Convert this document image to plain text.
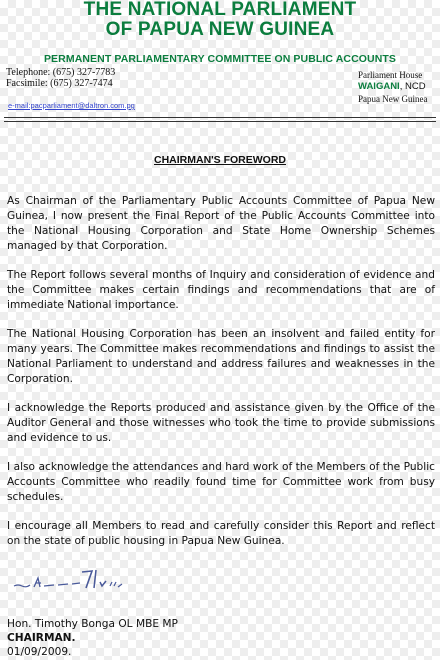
THE NATIONAL PARLIAMENT
OF PAPUA NEW GUINEA
PERMANENT PARLIAMENTARY COMMITTEE ON PUBLIC ACCOUNTS
Telephone: (675) 327-7783
Facsimile: (675) 327-7474
Parliament House
WAIGANI, NCD
Papua New Guinea
e-mail:pacparliament@daltron.com.pg
CHAIRMAN'S FOREWORD

As Chairman of the Parliamentary Public Accounts Committee of Papua New Guinea, I now present the Final Report of the Public Accounts Committee into the National Housing Corporation and State Home Ownership Schemes managed by that Corporation.

The Report follows several months of Inquiry and consideration of evidence and the Committee makes certain findings and recommendations that are of immediate National importance.

The National Housing Corporation has been an insolvent and failed entity for many years. The Committee makes recommendations and findings to assist the National Parliament to understand and address failures and weaknesses in the Corporation.

I acknowledge the Reports produced and assistance given by the Office of the Auditor General and those witnesses who took the time to provide submissions and evidence to us.

I also acknowledge the attendances and hard work of the Members of the Public Accounts Committee who readily found time for Committee work from busy schedules.

I encourage all Members to read and carefully consider this Report and reflect on the state of public housing in Papua New Guinea.

Hon. Timothy Bonga OL MBE MP
CHAIRMAN.
01/09/2009.
